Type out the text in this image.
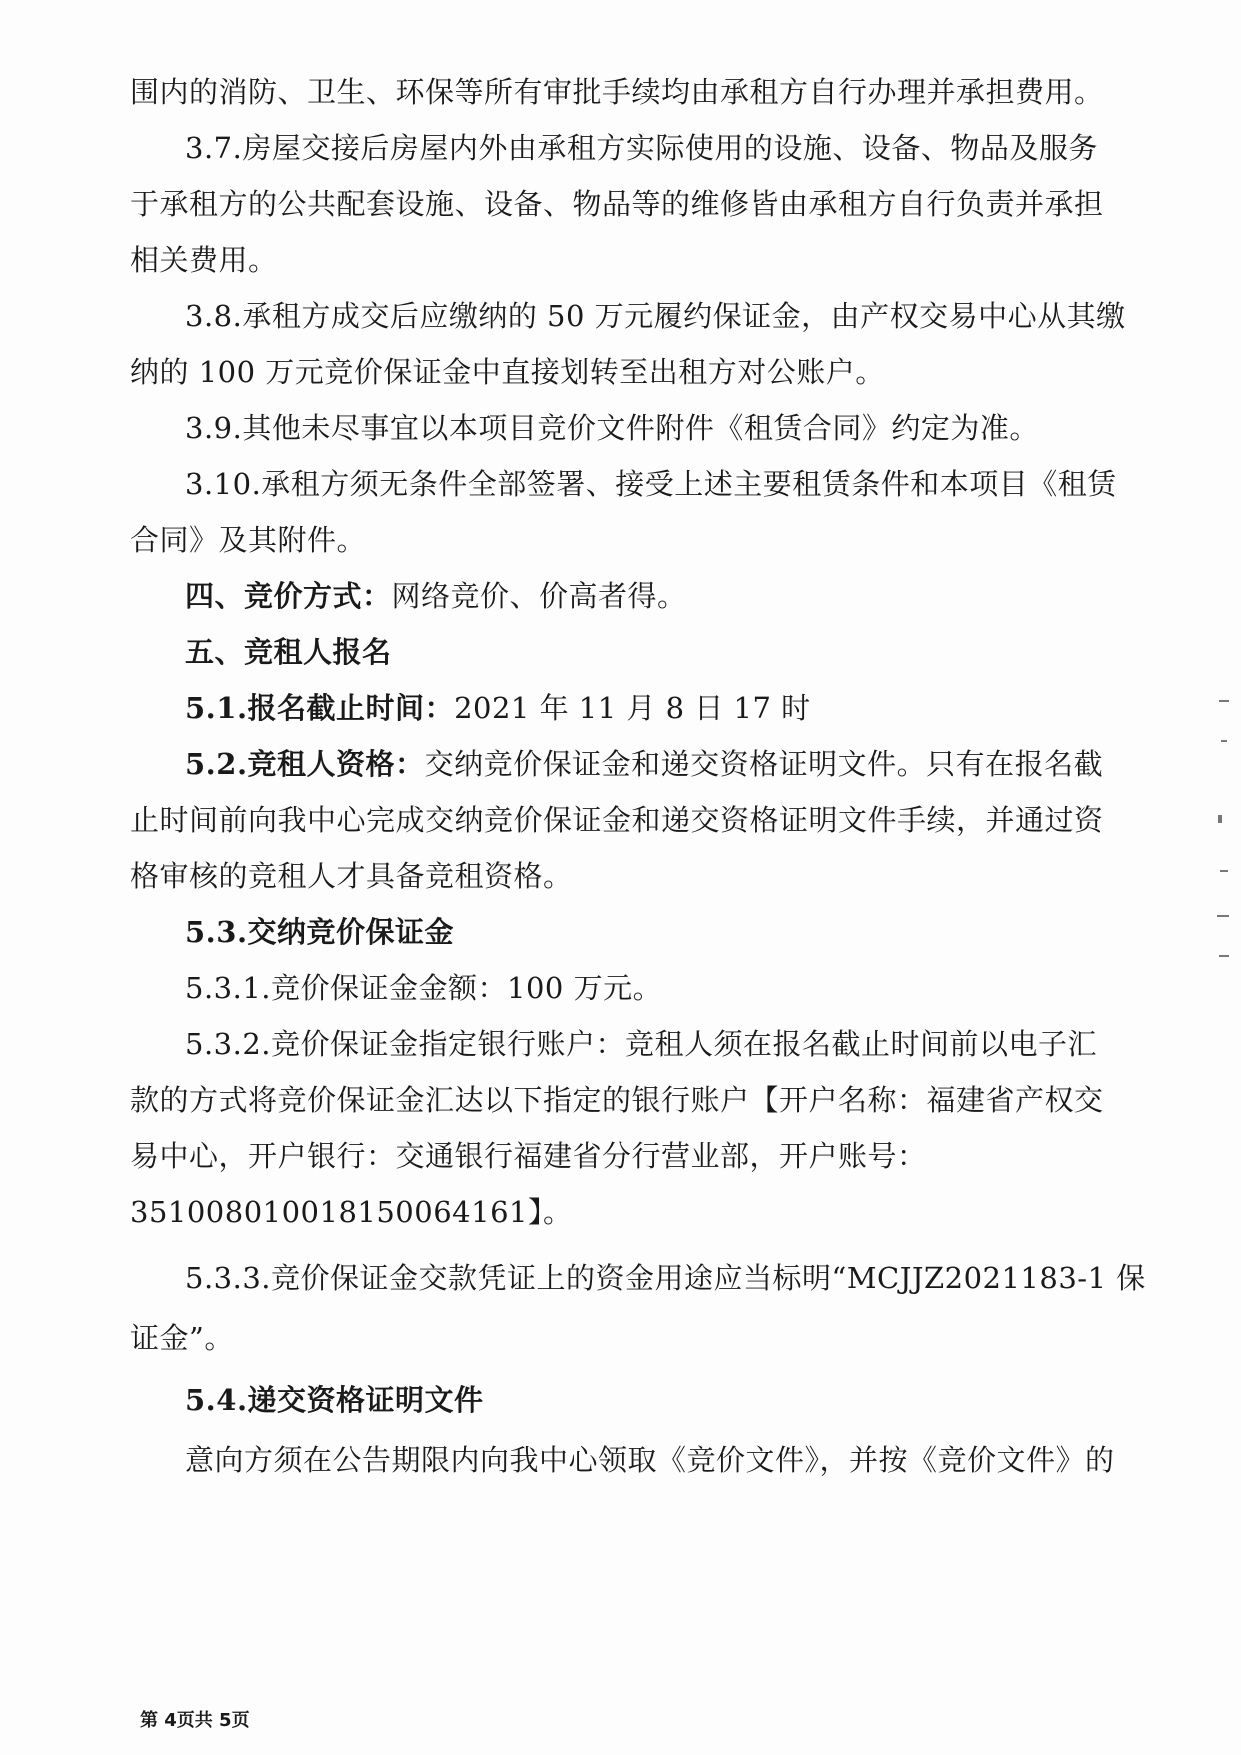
围内的消防、卫生、环保等所有审批手续均由承租方自行办理并承担费用。
3.7.房屋交接后房屋内外由承租方实际使用的设施、设备、物品及服务
于承租方的公共配套设施、设备、物品等的维修皆由承租方自行负责并承担
相关费用。
3.8.承租方成交后应缴纳的 50 万元履约保证金，由产权交易中心从其缴
纳的 100 万元竞价保证金中直接划转至出租方对公账户。
3.9.其他未尽事宜以本项目竞价文件附件《租赁合同》约定为准。
3.10.承租方须无条件全部签署、接受上述主要租赁条件和本项目《租赁
合同》及其附件。
四、竞价方式：网络竞价、价高者得。
五、竞租人报名
5.1.报名截止时间：2021 年 11 月 8 日 17 时
5.2.竞租人资格：交纳竞价保证金和递交资格证明文件。只有在报名截
止时间前向我中心完成交纳竞价保证金和递交资格证明文件手续，并通过资
格审核的竞租人才具备竞租资格。
5.3.交纳竞价保证金
5.3.1.竞价保证金金额：100 万元。
5.3.2.竞价保证金指定银行账户：竞租人须在报名截止时间前以电子汇
款的方式将竞价保证金汇达以下指定的银行账户【开户名称：福建省产权交
易中心，开户银行：交通银行福建省分行营业部，开户账号：
35100801001815006416​1】。
5.3.3.竞价保证金交款凭证上的资金用途应当标明“MCJJZ2021183-1 保
证金”。
5.4.递交资格证明文件
意向方须在公告期限内向我中心领取《竞价文件》，并按《竞价文件》的
第 4页共 5页
